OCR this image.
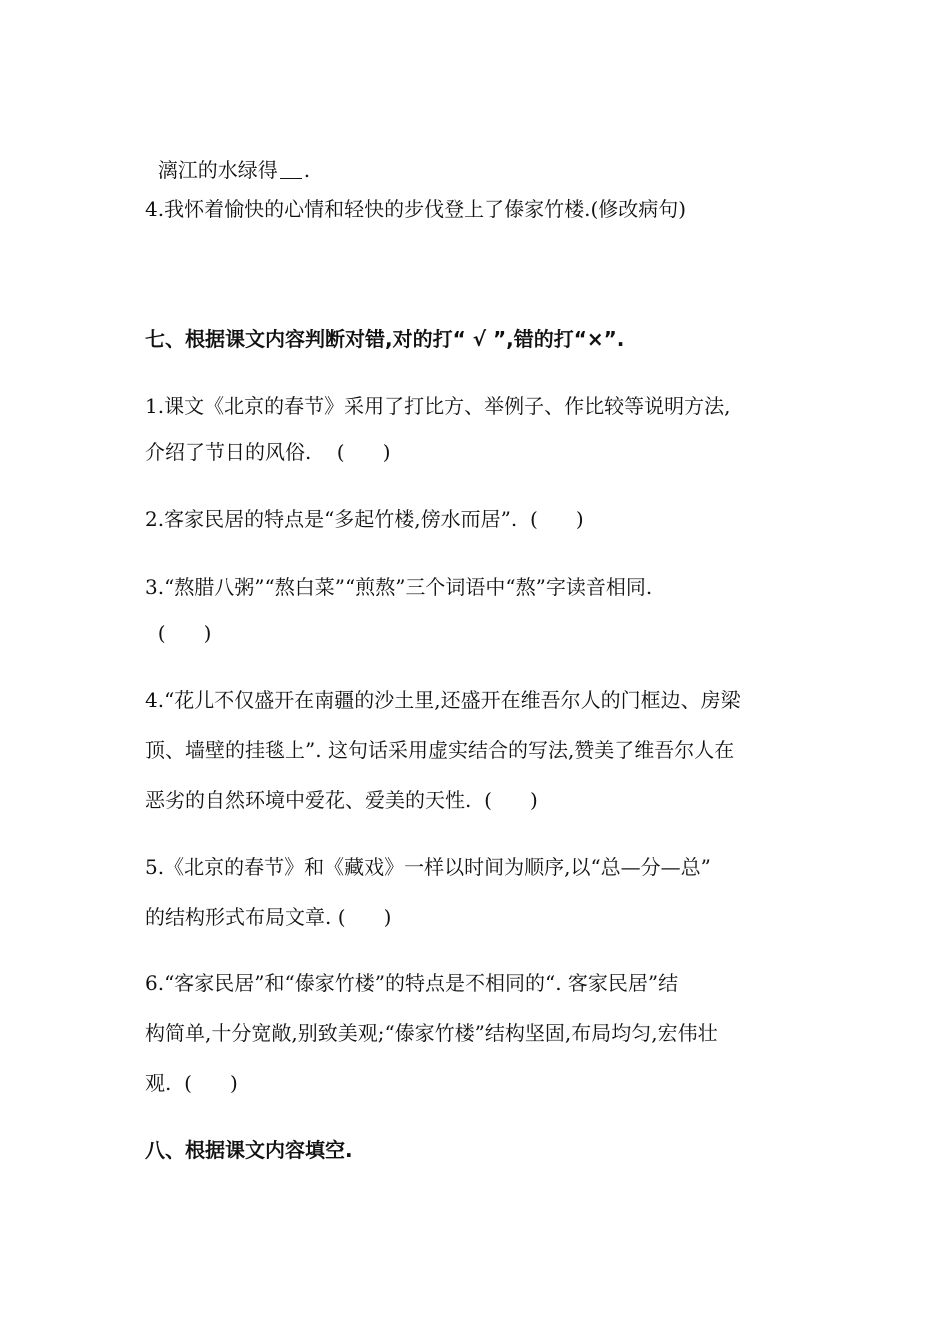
漓江的水绿得 .

4.我怀着愉快的心情和轻快的步伐登上了傣家竹楼.(修改病句)
七、根据课文内容判断对错,对的打“ √ ”,错的打“×”.
1.课文《北京的春节》采用了打比方、举例子、作比较等说明方法,
介绍了节日的风俗.    (      )
2.客家民居的特点是“多起竹楼,傍水而居”.  (      )
3.“熬腊八粥”“熬白菜”“煎熬”三个词语中“熬”字读音相同.
(      )
4.“花儿不仅盛开在南疆的沙土里,还盛开在维吾尔人的门框边、房梁
顶、墙壁的挂毯上”. 这句话采用虚实结合的写法,赞美了维吾尔人在
恶劣的自然环境中爱花、爱美的天性.  (      )
5.《北京的春节》和《藏戏》一样以时间为顺序,以“总—分—总”
的结构形式布局文章. (      )
6.“客家民居”和“傣家竹楼”的特点是不相同的“. 客家民居”结
构简单,十分宽敞,别致美观;“傣家竹楼”结构坚固,布局均匀,宏伟壮
观.  (      )
八、根据课文内容填空.
